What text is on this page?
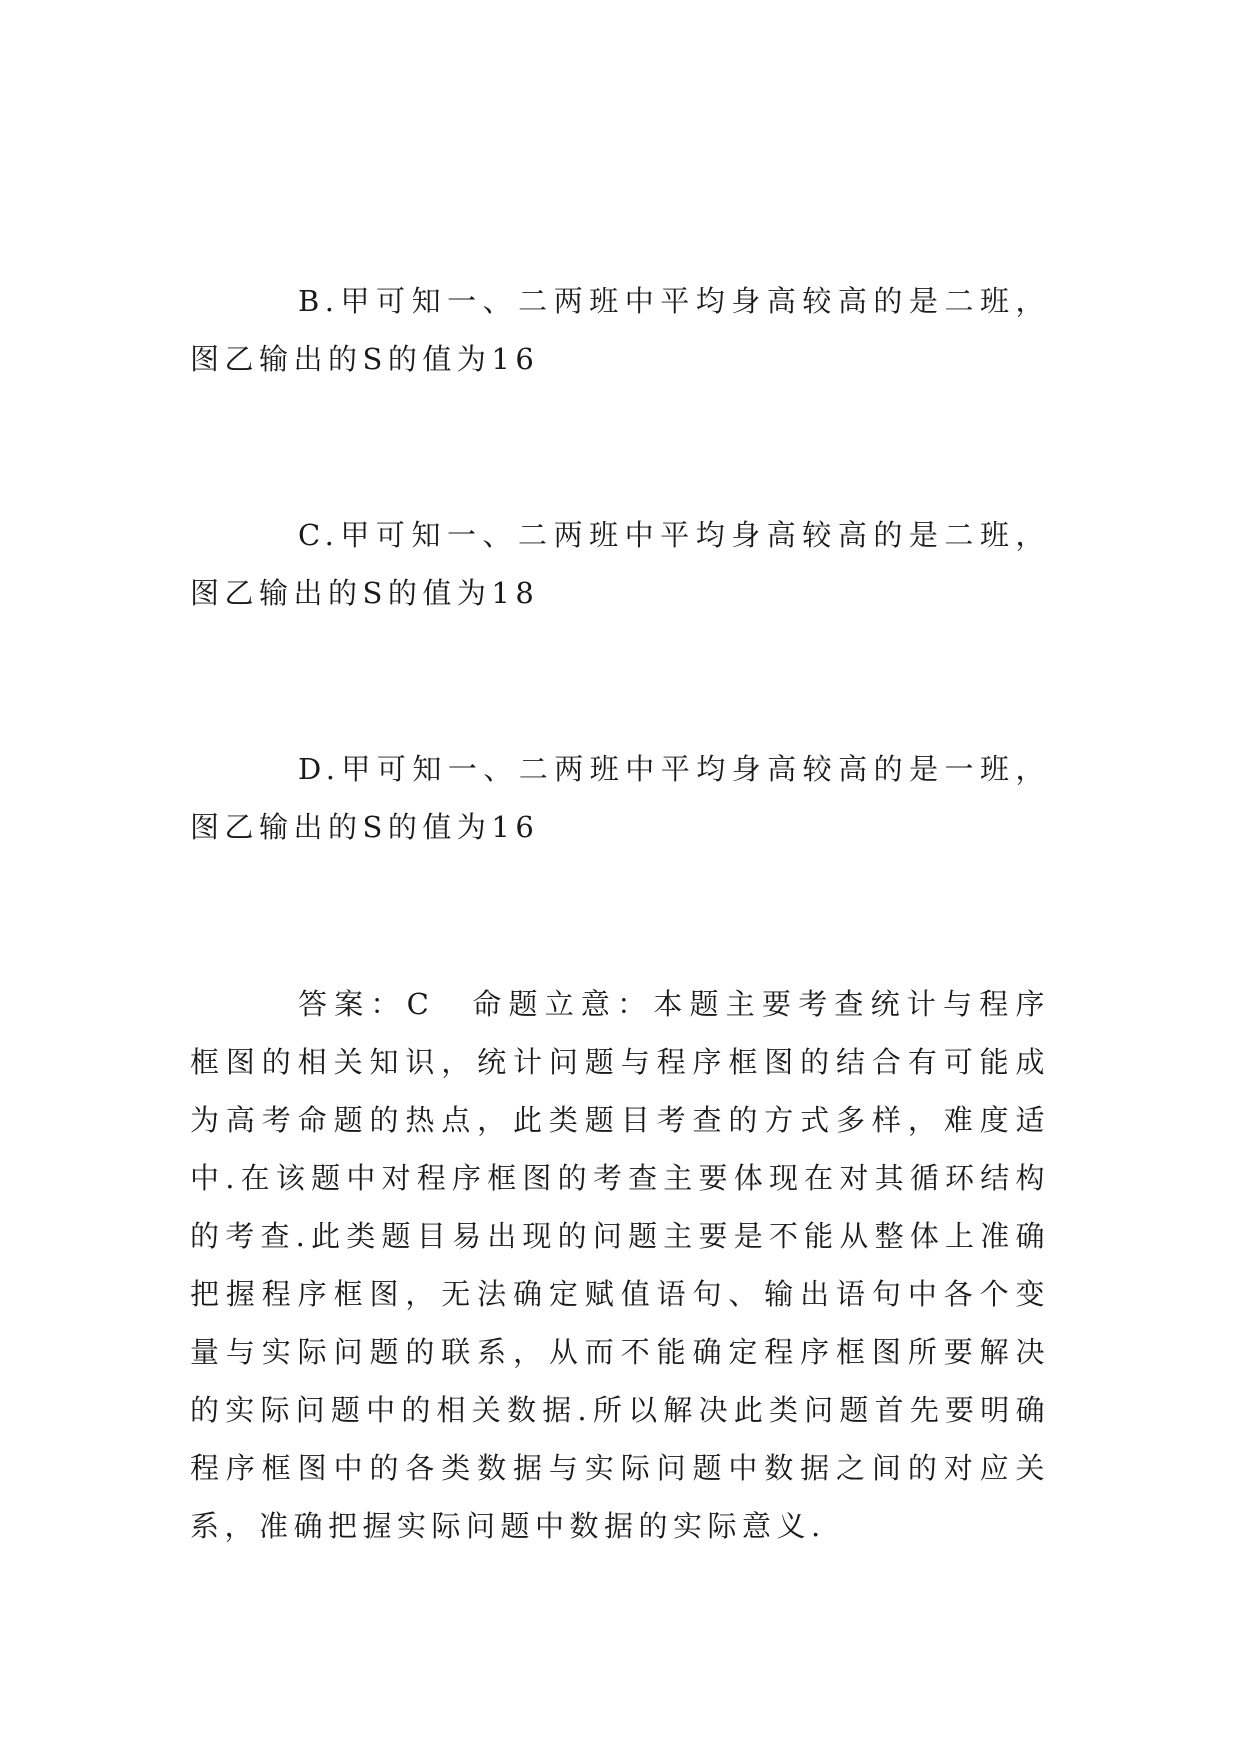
B.甲可知一、二两班中平均身高较高的是二班，图乙输出的S的值为16

C.甲可知一、二两班中平均身高较高的是二班，图乙输出的S的值为18

D.甲可知一、二两班中平均身高较高的是一班，图乙输出的S的值为16

答案：C　命题立意：本题主要考查统计与程序框图的相关知识，统计问题与程序框图的结合有可能成为高考命题的热点，此类题目考查的方式多样，难度适中.在该题中对程序框图的考查主要体现在对其循环结构的考查.此类题目易出现的问题主要是不能从整体上准确把握程序框图，无法确定赋值语句、输出语句中各个变量与实际问题的联系，从而不能确定程序框图所要解决的实际问题中的相关数据.所以解决此类问题首先要明确程序框图中的各类数据与实际问题中数据之间的对应关系，准确把握实际问题中数据的实际意义.
